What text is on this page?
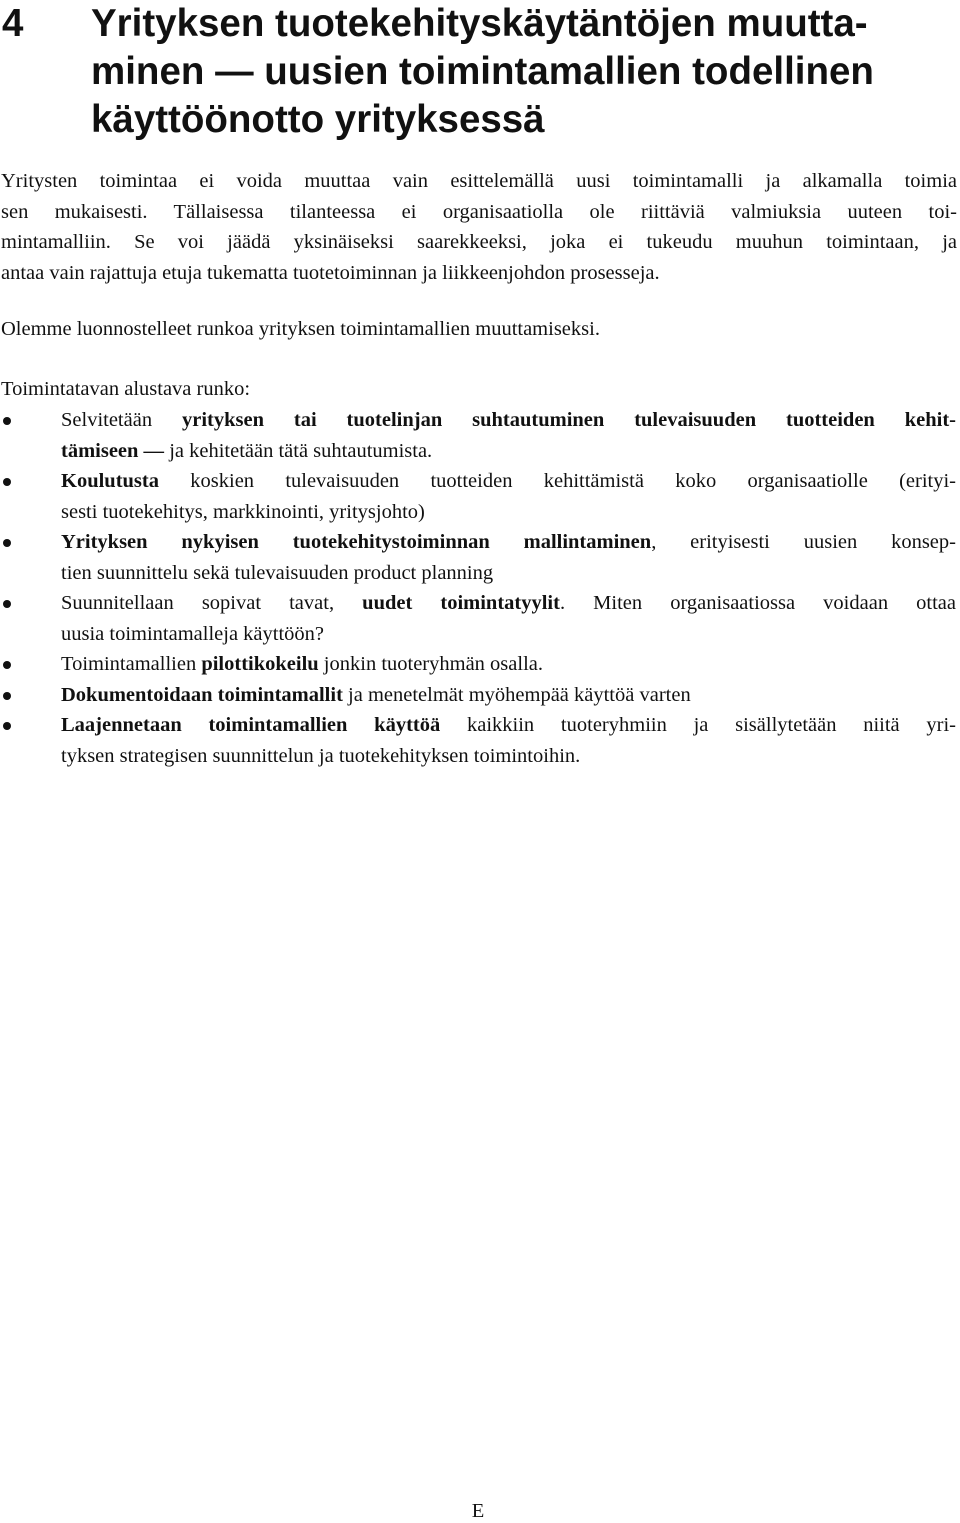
4 Yrityksen tuotekehityskäytäntöjen muutta-
minen — uusien toimintamallien todellinen
käyttöönotto yrityksessä
Yritysten toimintaa ei voida muuttaa vain esittelemällä uusi toimintamalli ja alkamalla toimia
sen mukaisesti. Tällaisessa tilanteessa ei organisaatiolla ole riittäviä valmiuksia uuteen toi-
mintamalliin. Se voi jäädä yksinäiseksi saarekkeeksi, joka ei tukeudu muuhun toimintaan, ja
antaa vain rajattuja etuja tukematta tuotetoiminnan ja liikkeenjohdon prosesseja.

Olemme luonnostelleet runkoa yrityksen toimintamallien muuttamiseksi.

Toimintatavan alustava runko:

Selvitetään yrityksen tai tuotelinjan suhtautuminen tulevaisuuden tuotteiden kehit-
tämiseen — ja kehitetään tätä suhtautumista.
Koulutusta koskien tulevaisuuden tuotteiden kehittämistä koko organisaatiolle (erityi-
sesti tuotekehitys, markkinointi, yritysjohto)
Yrityksen nykyisen tuotekehitystoiminnan mallintaminen, erityisesti uusien konsep-
tien suunnittelu sekä tulevaisuuden product planning
Suunnitellaan sopivat tavat, uudet toimintatyylit. Miten organisaatiossa voidaan ottaa
uusia toimintamalleja käyttöön?
Toimintamallien pilottikokeilu jonkin tuoteryhmän osalla.
Dokumentoidaan toimintamallit ja menetelmät myöhempää käyttöä varten
Laajennetaan toimintamallien käyttöä kaikkiin tuoteryhmiin ja sisällytetään niitä yri-
tyksen strategisen suunnittelun ja tuotekehityksen toimintoihin.
E
